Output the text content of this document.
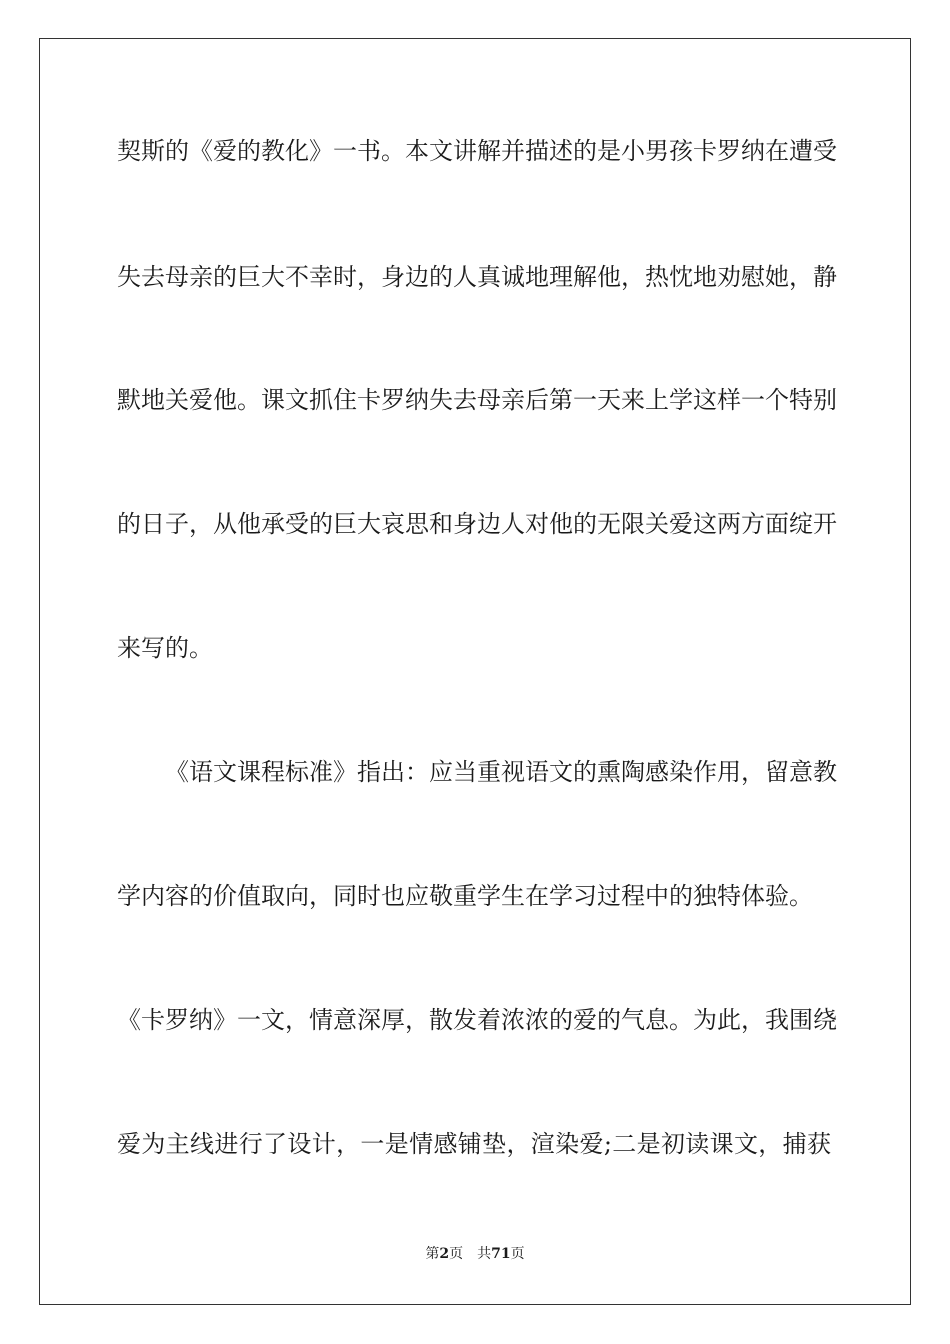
契斯的《爱的教化》一书。本文讲解并描述的是小男孩卡罗纳在遭受
失去母亲的巨大不幸时，身边的人真诚地理解他，热忱地劝慰她，静
默地关爱他。课文抓住卡罗纳失去母亲后第一天来上学这样一个特别
的日子，从他承受的巨大哀思和身边人对他的无限关爱这两方面绽开
来写的。
《语文课程标准》指出：应当重视语文的熏陶感染作用，留意教
学内容的价值取向，同时也应敬重学生在学习过程中的独特体验。
《卡罗纳》一文，情意深厚，散发着浓浓的爱的气息。为此，我围绕
爱为主线进行了设计，一是情感铺垫，渲染爱;二是初读课文，捕获
第2页 共71页
